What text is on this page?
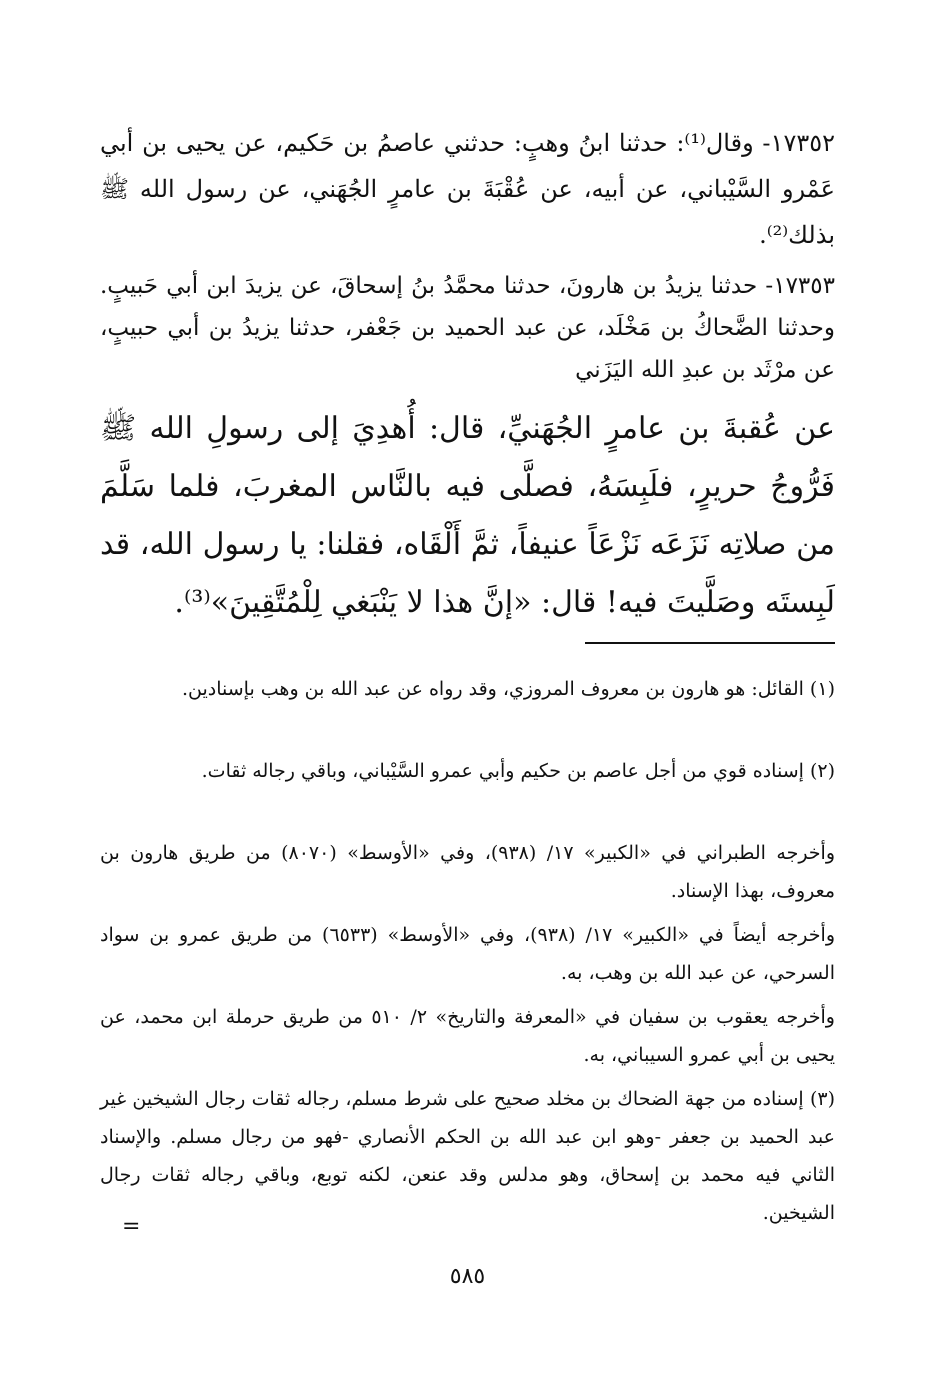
١٧٣٥٢- وقال⁽¹⁾: حدثنا ابنُ وهبٍ: حدثني عاصمُ بن حَكيم، عن يحيى بن أبي عَمْرو السَّيْباني، عن أبيه، عن عُقْبَةَ بن عامرٍ الجُهَني، عن رسول الله ﷺ بذلك⁽²⁾.

١٧٣٥٣- حدثنا يزيدُ بن هارونَ، حدثنا محمَّدُ بنُ إسحاقَ، عن يزيدَ ابن أبي حَبيبٍ. وحدثنا الضَّحاكُ بن مَخْلَد، عن عبد الحميد بن جَعْفر، حدثنا يزيدُ بن أبي حبيبٍ، عن مرْثَد بن عبدِ الله اليَزَني

عن عُقبةَ بن عامرٍ الجُهَنيِّ، قال: أُهدِيَ إلى رسولِ الله ﷺ فَرُّوجُ حريرٍ، فلَبِسَهُ، فصلَّى فيه بالنَّاس المغربَ، فلما سَلَّمَ من صلاتِه نَزَعَه نَزْعَاً عنيفاً، ثمَّ أَلْقَاه، فقلنا: يا رسول الله، قد لَبِستَه وصَلَّيتَ فيه! قال: «إنَّ هذا لا يَنْبَغي لِلْمُتَّقِينَ»⁽³⁾.

(١) القائل: هو هارون بن معروف المروزي، وقد رواه عن عبد الله بن وهب بإسنادين.

(٢) إسناده قوي من أجل عاصم بن حكيم وأبي عمرو السَّيْباني، وباقي رجاله ثقات.

وأخرجه الطبراني في «الكبير» ١٧/ (٩٣٨)، وفي «الأوسط» (٨٠٧٠) من طريق هارون بن معروف، بهذا الإسناد.

وأخرجه أيضاً في «الكبير» ١٧/ (٩٣٨)، وفي «الأوسط» (٦٥٣٣) من طريق عمرو بن سواد السرحي، عن عبد الله بن وهب، به.

وأخرجه يعقوب بن سفيان في «المعرفة والتاريخ» ٢/ ٥١٠ من طريق حرملة ابن محمد، عن يحيى بن أبي عمرو السيباني، به.

(٣) إسناده من جهة الضحاك بن مخلد صحيح على شرط مسلم، رجاله ثقات رجال الشيخين غير عبد الحميد بن جعفر -وهو ابن عبد الله بن الحكم الأنصاري -فهو من رجال مسلم. والإسناد الثاني فيه محمد بن إسحاق، وهو مدلس وقد عنعن، لكنه توبع، وباقي رجاله ثقات رجال الشيخين.

=
٥٨٥
